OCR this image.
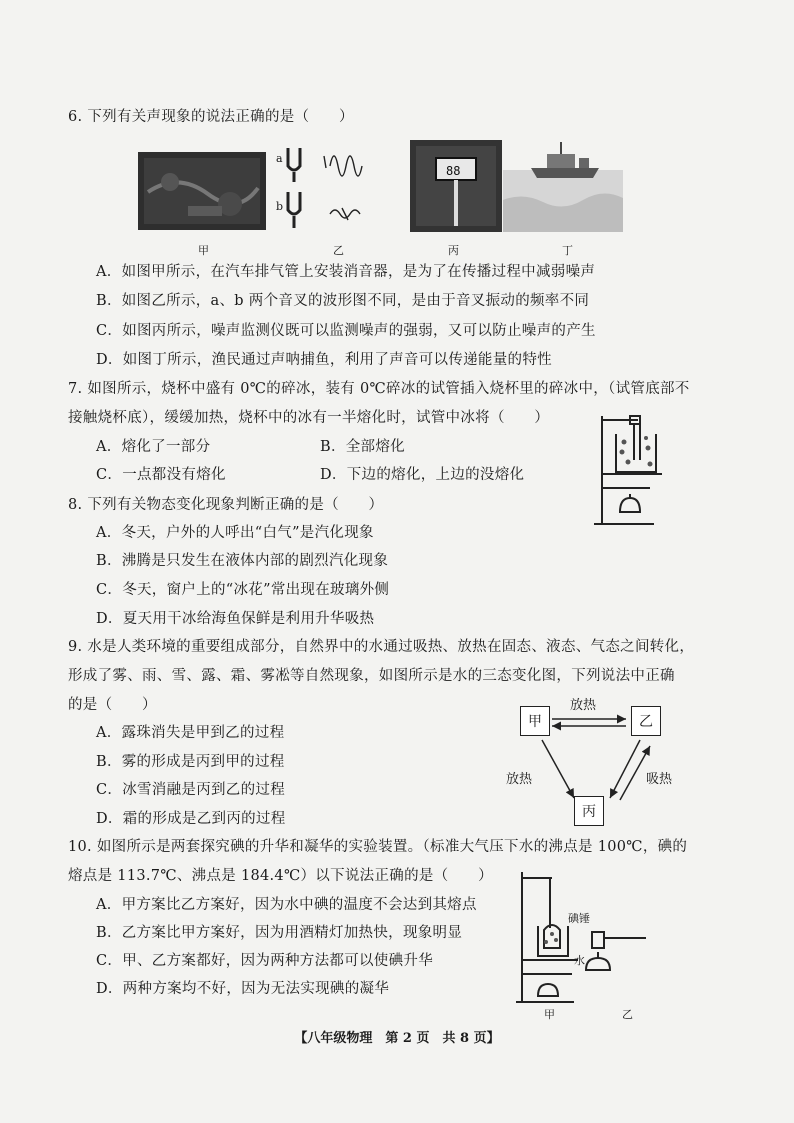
6. 下列有关声现象的说法正确的是（　　）
甲
a
b
乙
88
丙	丁
A．如图甲所示，在汽车排气管上安装消音器，是为了在传播过程中减弱噪声
B．如图乙所示，a、b 两个音叉的波形图不同，是由于音叉振动的频率不同
C．如图丙所示，噪声监测仪既可以监测噪声的强弱，又可以防止噪声的产生
D．如图丁所示，渔民通过声呐捕鱼，利用了声音可以传递能量的特性
7. 如图所示，烧杯中盛有 0℃的碎冰，装有 0℃碎冰的试管插入烧杯里的碎冰中，（试管底部不
接触烧杯底），缓缓加热，烧杯中的冰有一半熔化时，试管中冰将（　　）
A．熔化了一部分	B．全部熔化
C．一点都没有熔化	D．下边的熔化，上边的没熔化
8. 下列有关物态变化现象判断正确的是（　　）
A．冬天，户外的人呼出“白气”是汽化现象
B．沸腾是只发生在液体内部的剧烈汽化现象
C．冬天，窗户上的“冰花”常出现在玻璃外侧
D．夏天用干冰给海鱼保鲜是利用升华吸热
9. 水是人类环境的重要组成部分，自然界中的水通过吸热、放热在固态、液态、气态之间转化，
形成了雾、雨、雪、露、霜、雾凇等自然现象，如图所示是水的三态变化图，下列说法中正确
的是（　　）
A．露珠消失是甲到乙的过程
B．雾的形成是丙到甲的过程
C．冰雪消融是丙到乙的过程
D．霜的形成是乙到丙的过程
甲	乙
丙
放热
放热	吸热
10. 如图所示是两套探究碘的升华和凝华的实验装置。（标准大气压下水的沸点是 100℃，碘的
熔点是 113.7℃、沸点是 184.4℃）以下说法正确的是（　　）
A．甲方案比乙方案好，因为水中碘的温度不会达到其熔点
B．乙方案比甲方案好，因为用酒精灯加热快，现象明显
C．甲、乙方案都好，因为两种方法都可以使碘升华
D．两种方案均不好，因为无法实现碘的凝华
碘锤
水
甲	乙
【八年级物理　第 2 页　共 8 页】
